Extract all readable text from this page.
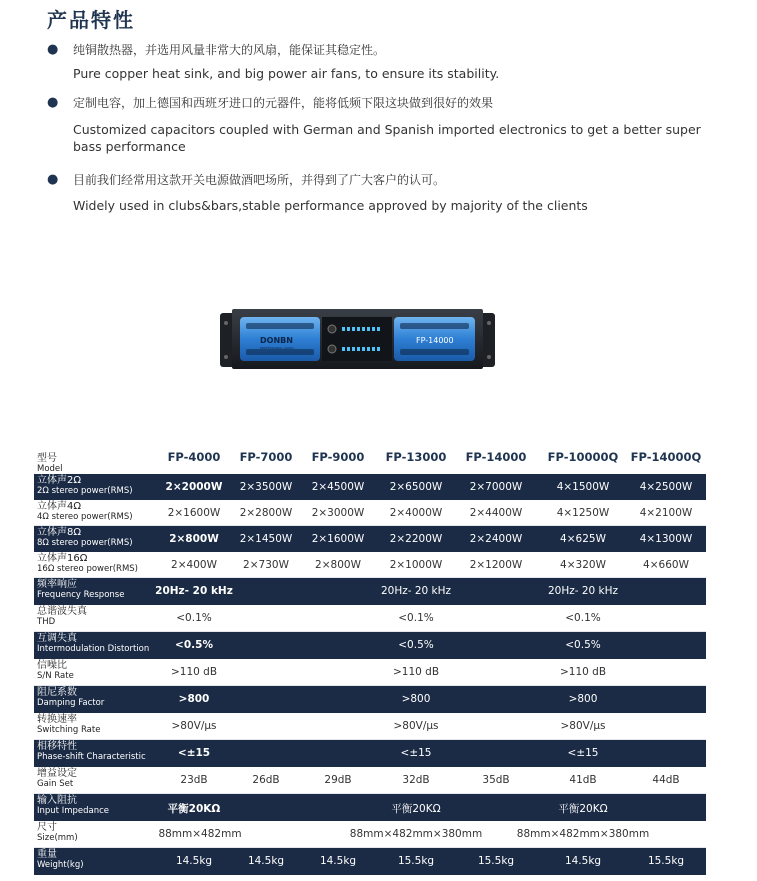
产品特性
● 纯铜散热器，并选用风量非常大的风扇，能保证其稳定性。
Pure copper heat sink, and big power air fans, to ensure its stability.
● 定制电容，加上德国和西班牙进口的元器件，能将低频下限这块做到很好的效果
Customized capacitors coupled with German and Spanish imported electronics to get a better super bass performance
● 目前我们经常用这款开关电源做酒吧场所，并得到了广大客户的认可。
Widely used in clubs&bars,stable performance approved by majority of the clients
DONBN
PROFESSIONAL AUDIO
FP-14000
型号
Model
FP-4000 FP-7000 FP-9000 FP-13000 FP-14000 FP-10000Q FP-14000Q
立体声2Ω
2Ω stereo power(RMS)	2×2000W 2×3500W 2×4500W 2×6500W	2×7000W	4×1500W	4×2500W
立体声4Ω
4Ω stereo power(RMS)	2×1600W 2×2800W 2×3000W 2×4000W	2×4400W	4×1250W	4×2100W
立体声8Ω
8Ω stereo power(RMS)	2×800W 2×1450W 2×1600W 2×2200W	2×2400W	4×625W	4×1300W
立体声16Ω
16Ω stereo power(RMS)	2×400W 2×730W 2×800W	2×1000W	2×1200W	4×320W	4×660W
频率响应
Frequency Response	20Hz- 20 kHz	20Hz- 20 kHz	20Hz- 20 kHz
总谐波失真
THD	<0.1%	<0.1%	<0.1%
互调失真
Intermodulation Distortion <0.5%	<0.5%	<0.5%
信噪比
S/N Rate	>110 dB	>110 dB	>110 dB
阻尼系数
Damping Factor	>800	>800	>800
转换速率
Switching Rate	>80V/μs	>80V/μs	>80V/μs
相移特性
Phase-shift Characteristic	<±15	<±15	<±15
增益设定
Gain Set	23dB	26dB	29dB	32dB	35dB	41dB	44dB
输入阻抗
Input Impedance	平衡20KΩ	平衡20KΩ	平衡20KΩ
尺寸
Size(mm)	88mm×482mm	88mm×482mm×380mm	88mm×482mm×380mm
重量
Weight(kg)	14.5kg	14.5kg	14.5kg	15.5kg	15.5kg	14.5kg	15.5kg
